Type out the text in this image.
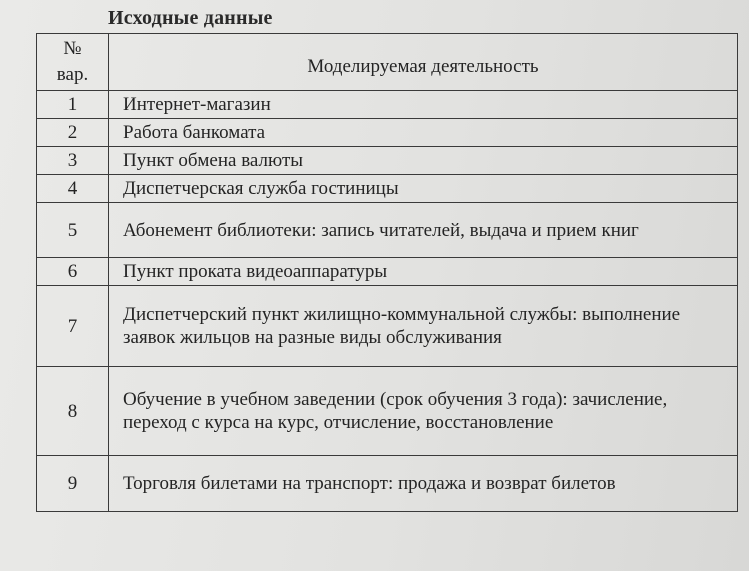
Исходные данные
№
вар.	Моделируемая деятельность
1	Интернет-магазин
2	Работа банкомата
3	Пункт обмена валюты
4	Диспетчерская служба гостиницы
5	Абонемент библиотеки: запись читателей, выдача и прием книг
6	Пункт проката видеоаппаратуры
7	Диспетчерский пункт жилищно-коммунальной службы: выполнение заявок жильцов на разные виды обслуживания
8	Обучение в учебном заведении (срок обучения 3 года): зачисление, переход с курса на курс, отчисление, восстановление
9	Торговля билетами на транспорт: продажа и возврат билетов
